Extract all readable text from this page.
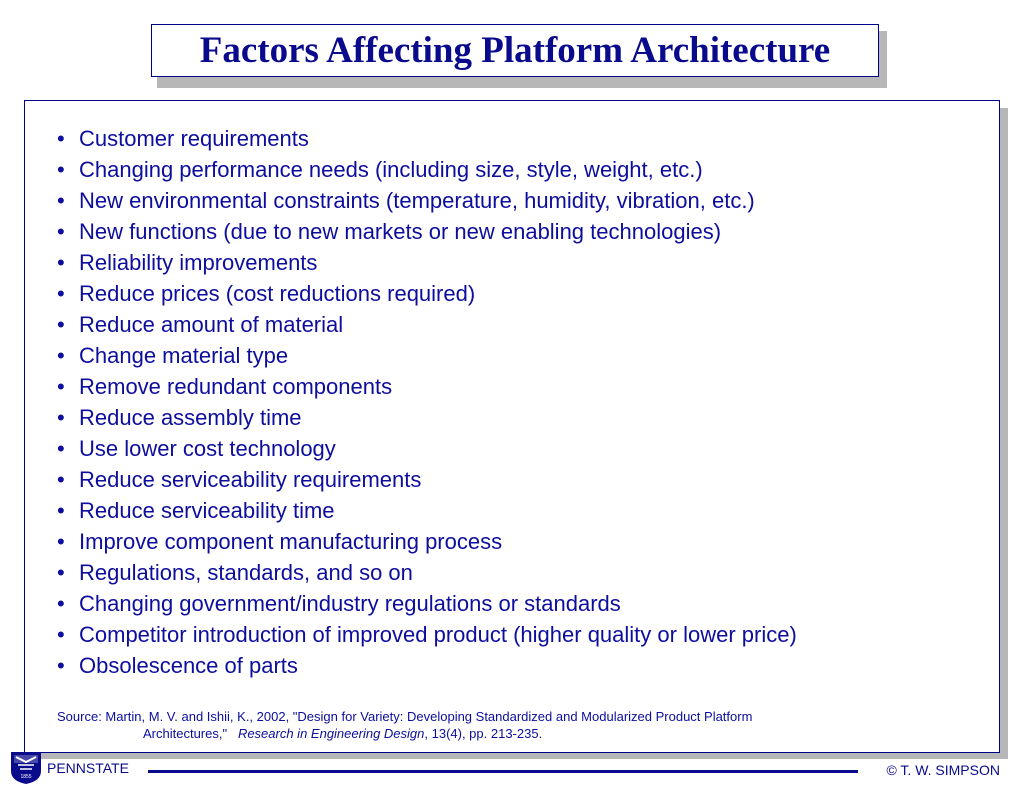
Factors Affecting Platform Architecture
• Customer requirements
• Changing performance needs (including size, style, weight, etc.)
• New environmental constraints (temperature, humidity, vibration, etc.)
• New functions (due to new markets or new enabling technologies)
• Reliability improvements
• Reduce prices (cost reductions required)
• Reduce amount of material
• Change material type
• Remove redundant components
• Reduce assembly time
• Use lower cost technology
• Reduce serviceability requirements
• Reduce serviceability time
• Improve component manufacturing process
• Regulations, standards, and so on
• Changing government/industry regulations or standards
• Competitor introduction of improved product (higher quality or lower price)
• Obsolescence of parts
Source: Martin, M. V. and Ishii, K., 2002, "Design for Variety: Developing Standardized and Modularized Product Platform
Architectures," Research in Engineering Design, 13(4), pp. 213-235.
1855
PENNSTATE	© T. W. SIMPSON
